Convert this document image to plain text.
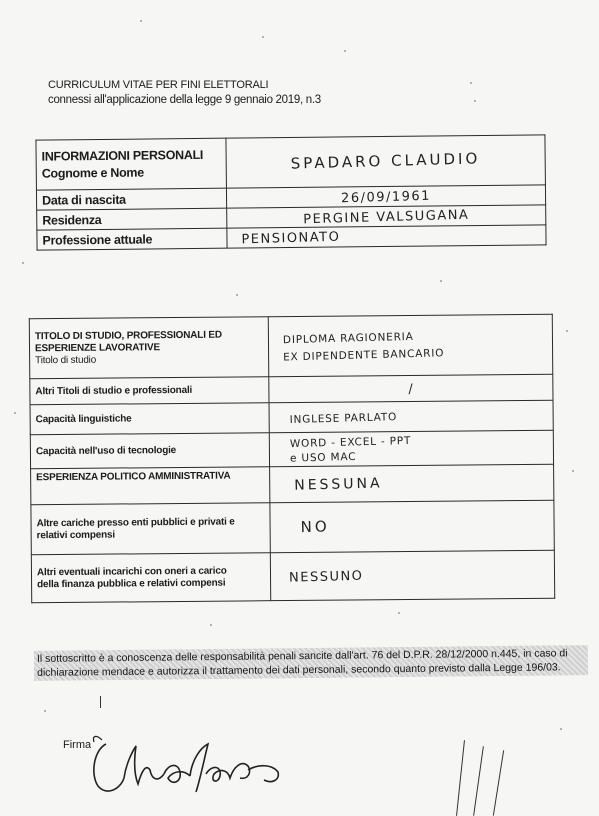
CURRICULUM VITAE PER FINI ELETTORALI
connessi all'applicazione della legge 9 gennaio 2019, n.3
INFORMAZIONI PERSONALI
Cognome e Nome	SPADARO CLAUDIO
Data di nascita	26/09/1961
Residenza	PERGINE VALSUGANA
Professione attuale	PENSIONATO
TITOLO DI STUDIO, PROFESSIONALI ED
ESPERIENZE LAVORATIVE
Titolo di studio	DIPLOMA RAGIONERIA
EX DIPENDENTE BANCARIO
Altri Titoli di studio e professionali	/
Capacità linguistiche	INGLESE PARLATO
Capacità nell'uso di tecnologie	WORD - EXCEL - PPT
e USO MAC
ESPERIENZA POLITICO AMMINISTRATIVA	NESSUNA
Altre cariche presso enti pubblici e privati e
relativi compensi	NO
Altri eventuali incarichi con oneri a carico
della finanza pubblica e relativi compensi	NESSUNO
Il sottoscritto è a conoscenza delle responsabilità penali sancite dall'art. 76 del D.P.R. 28/12/2000 n.445, in caso di dichiarazione mendace e autorizza il trattamento dei dati personali, secondo quanto previsto dalla Legge 196/03.
Firma
